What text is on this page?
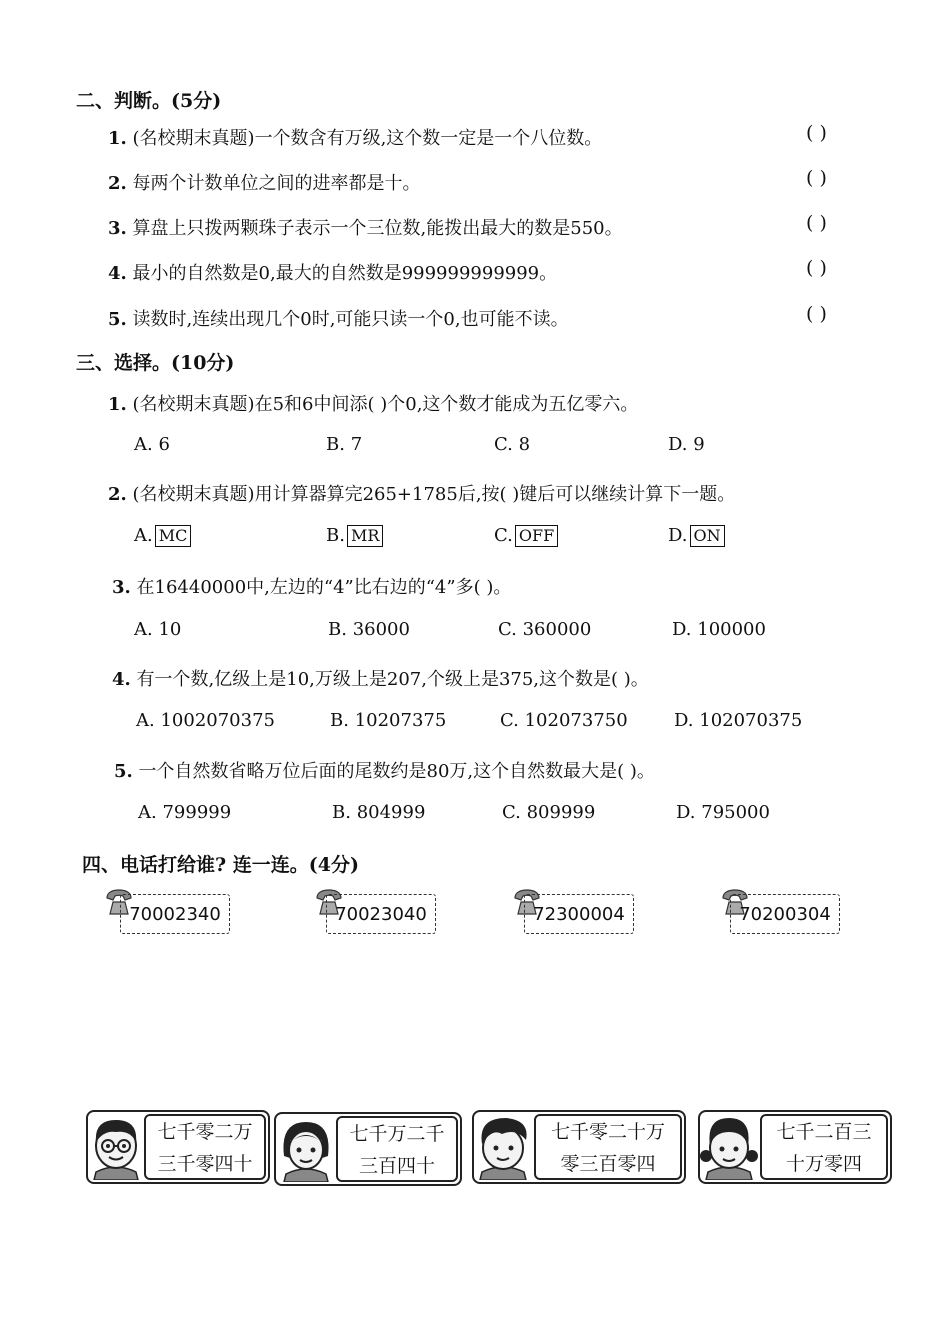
二、判断。(5分)
1. (名校期末真题)一个数含有万级,这个数一定是一个八位数。	( )
2. 每两个计数单位之间的进率都是十。	( )
3. 算盘上只拨两颗珠子表示一个三位数,能拨出最大的数是550。	( )
4. 最小的自然数是0,最大的自然数是999999999999。	( )
5. 读数时,连续出现几个0时,可能只读一个0,也可能不读。	( )
三、选择。(10分)
1. (名校期末真题)在5和6中间添( )个0,这个数才能成为五亿零六。
A. 6	B. 7	C. 8	D. 9
2. (名校期末真题)用计算器算完265+1785后,按( )键后可以继续计算下一题。
A. MC	B. MR	C. OFF	D. ON
3. 在16440000中,左边的“4”比右边的“4”多( )。
A. 10	B. 36000	C. 360000	D. 100000
4. 有一个数,亿级上是10,万级上是207,个级上是375,这个数是( )。
A. 1002070375	B. 10207375	C. 102073750	D. 102070375
5. 一个自然数省略万位后面的尾数约是80万,这个自然数最大是( )。
A. 799999	B. 804999	C. 809999	D. 795000
四、电话打给谁? 连一连。(4分)
70002340	70023040	72300004	70200304
七千零二万
三千零四十
七千万二千
三百四十
七千零二十万
零三百零四
七千二百三
十万零四
